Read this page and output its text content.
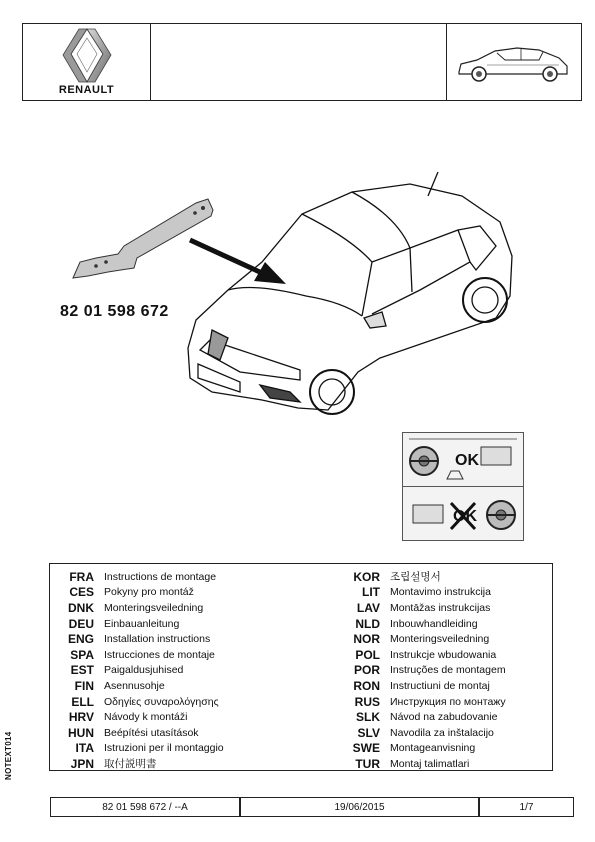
RENAULT
82 01 598 672
OK
OK
FRA Instructions de montage
CES Pokyny pro montáž
DNK Monteringsveiledning
DEU Einbauanleitung
ENG Installation instructions
SPA Istrucciones de montaje
EST Paigaldusjuhised
FIN Asennusohje
ELL Οδηγίες συναρολόγησης
HRV Návody k montáži
HUN Beépítési utasítások
ITA Istruzioni per il montaggio
JPN 取付説明書
KOR 조립설명서
LIT Montavimo instrukcija
LAV Montāžas instrukcijas
NLD Inbouwhandleiding
NOR Monteringsveiledning
POL Instrukcje wbudowania
POR Instruções de montagem
RON Instructiuni de montaj
RUS Инструкция по монтажу
SLK Návod na zabudovanie
SLV Navodila za inštalacijo
SWE Montageanvisning
TUR Montaj talimatlari
NOTEXT014
82 01 598 672 / --A	19/06/2015	1/7
